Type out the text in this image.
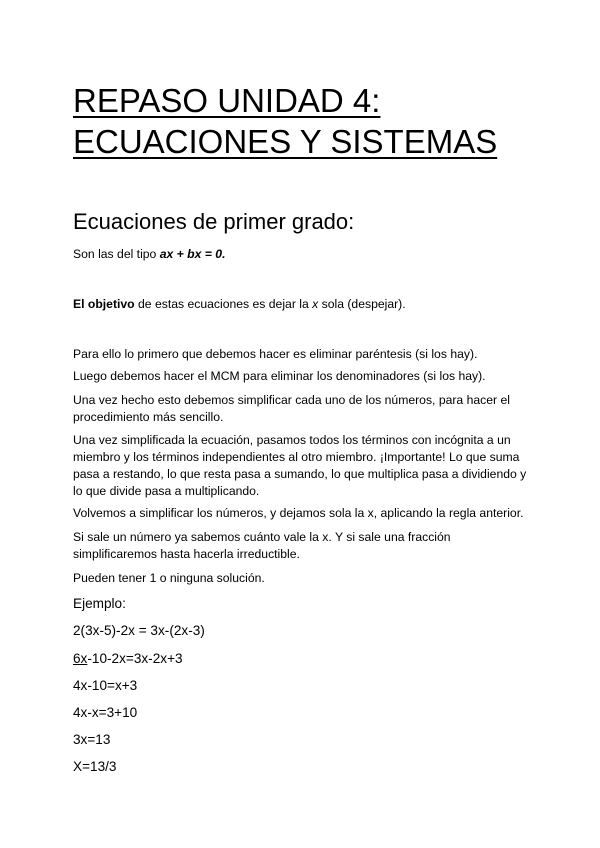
REPASO UNIDAD 4:
ECUACIONES Y SISTEMAS
Ecuaciones de primer grado:
Son las del tipo ax + bx = 0.
El objetivo de estas ecuaciones es dejar la x sola (despejar).
Para ello lo primero que debemos hacer es eliminar paréntesis (si los hay).
Luego debemos hacer el MCM para eliminar los denominadores (si los hay).
Una vez hecho esto debemos simplificar cada uno de los números, para hacer el procedimiento más sencillo.
Una vez simplificada la ecuación, pasamos todos los términos con incógnita a un miembro y los términos independientes al otro miembro. ¡Importante! Lo que suma pasa a restando, lo que resta pasa a sumando, lo que multiplica pasa a dividiendo y lo que divide pasa a multiplicando.
Volvemos a simplificar los números, y dejamos sola la x, aplicando la regla anterior.
Si sale un número ya sabemos cuánto vale la x. Y si sale una fracción simplificaremos hasta hacerla irreductible.
Pueden tener 1 o ninguna solución.
Ejemplo:
2(3x-5)-2x = 3x-(2x-3)
6x-10-2x=3x-2x+3
4x-10=x+3
4x-x=3+10
3x=13
X=13/3
